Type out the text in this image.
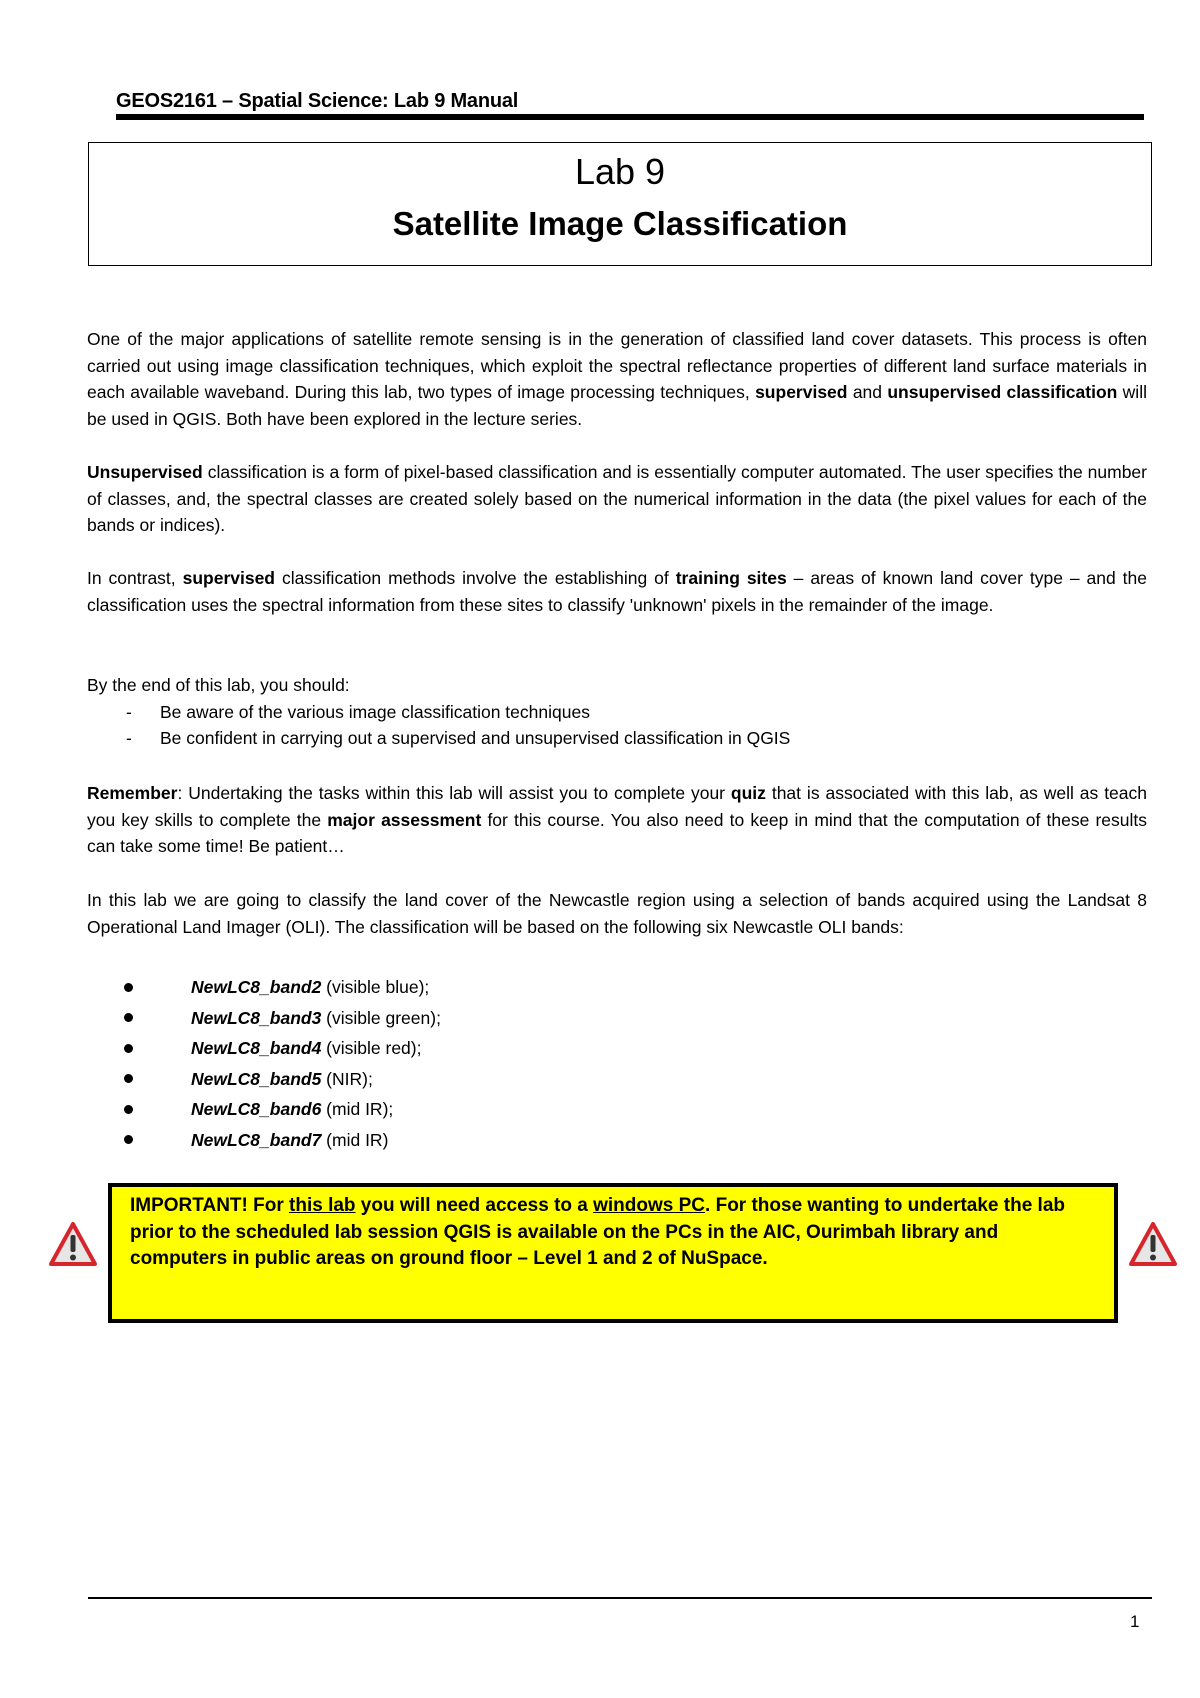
GEOS2161 – Spatial Science: Lab 9 Manual
Lab 9
Satellite Image Classification
One of the major applications of satellite remote sensing is in the generation of classified land cover datasets. This process is often carried out using image classification techniques, which exploit the spectral reflectance properties of different land surface materials in each available waveband. During this lab, two types of image processing techniques, supervised and unsupervised classification will be used in QGIS. Both have been explored in the lecture series.
Unsupervised classification is a form of pixel-based classification and is essentially computer automated. The user specifies the number of classes, and, the spectral classes are created solely based on the numerical information in the data (the pixel values for each of the bands or indices).
In contrast, supervised classification methods involve the establishing of training sites – areas of known land cover type – and the classification uses the spectral information from these sites to classify 'unknown' pixels in the remainder of the image.
By the end of this lab, you should:
- Be aware of the various image classification techniques
- Be confident in carrying out a supervised and unsupervised classification in QGIS
Remember: Undertaking the tasks within this lab will assist you to complete your quiz that is associated with this lab, as well as teach you key skills to complete the major assessment for this course. You also need to keep in mind that the computation of these results can take some time! Be patient…
In this lab we are going to classify the land cover of the Newcastle region using a selection of bands acquired using the Landsat 8 Operational Land Imager (OLI). The classification will be based on the following six Newcastle OLI bands:
NewLC8_band2 (visible blue);
NewLC8_band3 (visible green);
NewLC8_band4 (visible red);
NewLC8_band5 (NIR);
NewLC8_band6 (mid IR);
NewLC8_band7 (mid IR)
IMPORTANT! For this lab you will need access to a windows PC. For those wanting to undertake the lab prior to the scheduled lab session QGIS is available on the PCs in the AIC, Ourimbah library and computers in public areas on ground floor – Level 1 and 2 of NuSpace.
1
